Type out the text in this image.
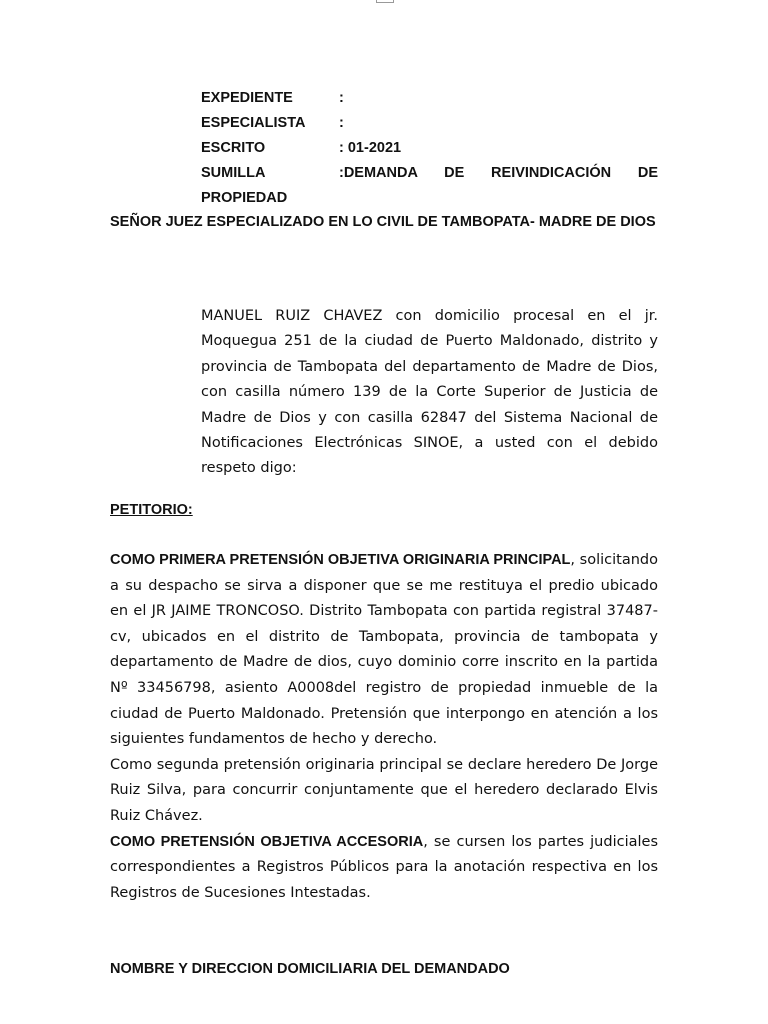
EXPEDIENTE	:
ESPECIALISTA	:
ESCRITO	: 01-2021
SUMILLA	:DEMANDA DE REIVINDICACIÓN DE
PROPIEDAD
SEÑOR JUEZ ESPECIALIZADO EN LO CIVIL DE TAMBOPATA- MADRE DE DIOS
MANUEL RUIZ CHAVEZ con domicilio procesal en el jr. Moquegua 251 de la ciudad de Puerto Maldonado, distrito y provincia de Tambopata del departamento de Madre de Dios, con casilla número 139 de la Corte Superior de Justicia de Madre de Dios y con casilla 62847 del Sistema Nacional de Notificaciones Electrónicas SINOE, a usted con el debido respeto digo:
PETITORIO:

COMO PRIMERA PRETENSIÓN OBJETIVA ORIGINARIA PRINCIPAL, solicitando a su despacho se sirva a disponer que se me restituya el predio ubicado en el JR JAIME TRONCOSO. Distrito Tambopata con partida registral 37487-cv, ubicados en el distrito de Tambopata, provincia de tambopata y departamento de Madre de dios, cuyo dominio corre inscrito en la partida Nº 33456798, asiento A0008del registro de propiedad inmueble de la ciudad de Puerto Maldonado. Pretensión que interpongo en atención a los siguientes fundamentos de hecho y derecho.

Como segunda pretensión originaria principal se declare heredero De Jorge Ruiz Silva, para concurrir conjuntamente que el heredero declarado Elvis Ruiz Chávez.

COMO PRETENSIÓN OBJETIVA ACCESORIA, se cursen los partes judiciales correspondientes a Registros Públicos para la anotación respectiva en los Registros de Sucesiones Intestadas.

NOMBRE Y DIRECCION DOMICILIARIA DEL DEMANDADO
